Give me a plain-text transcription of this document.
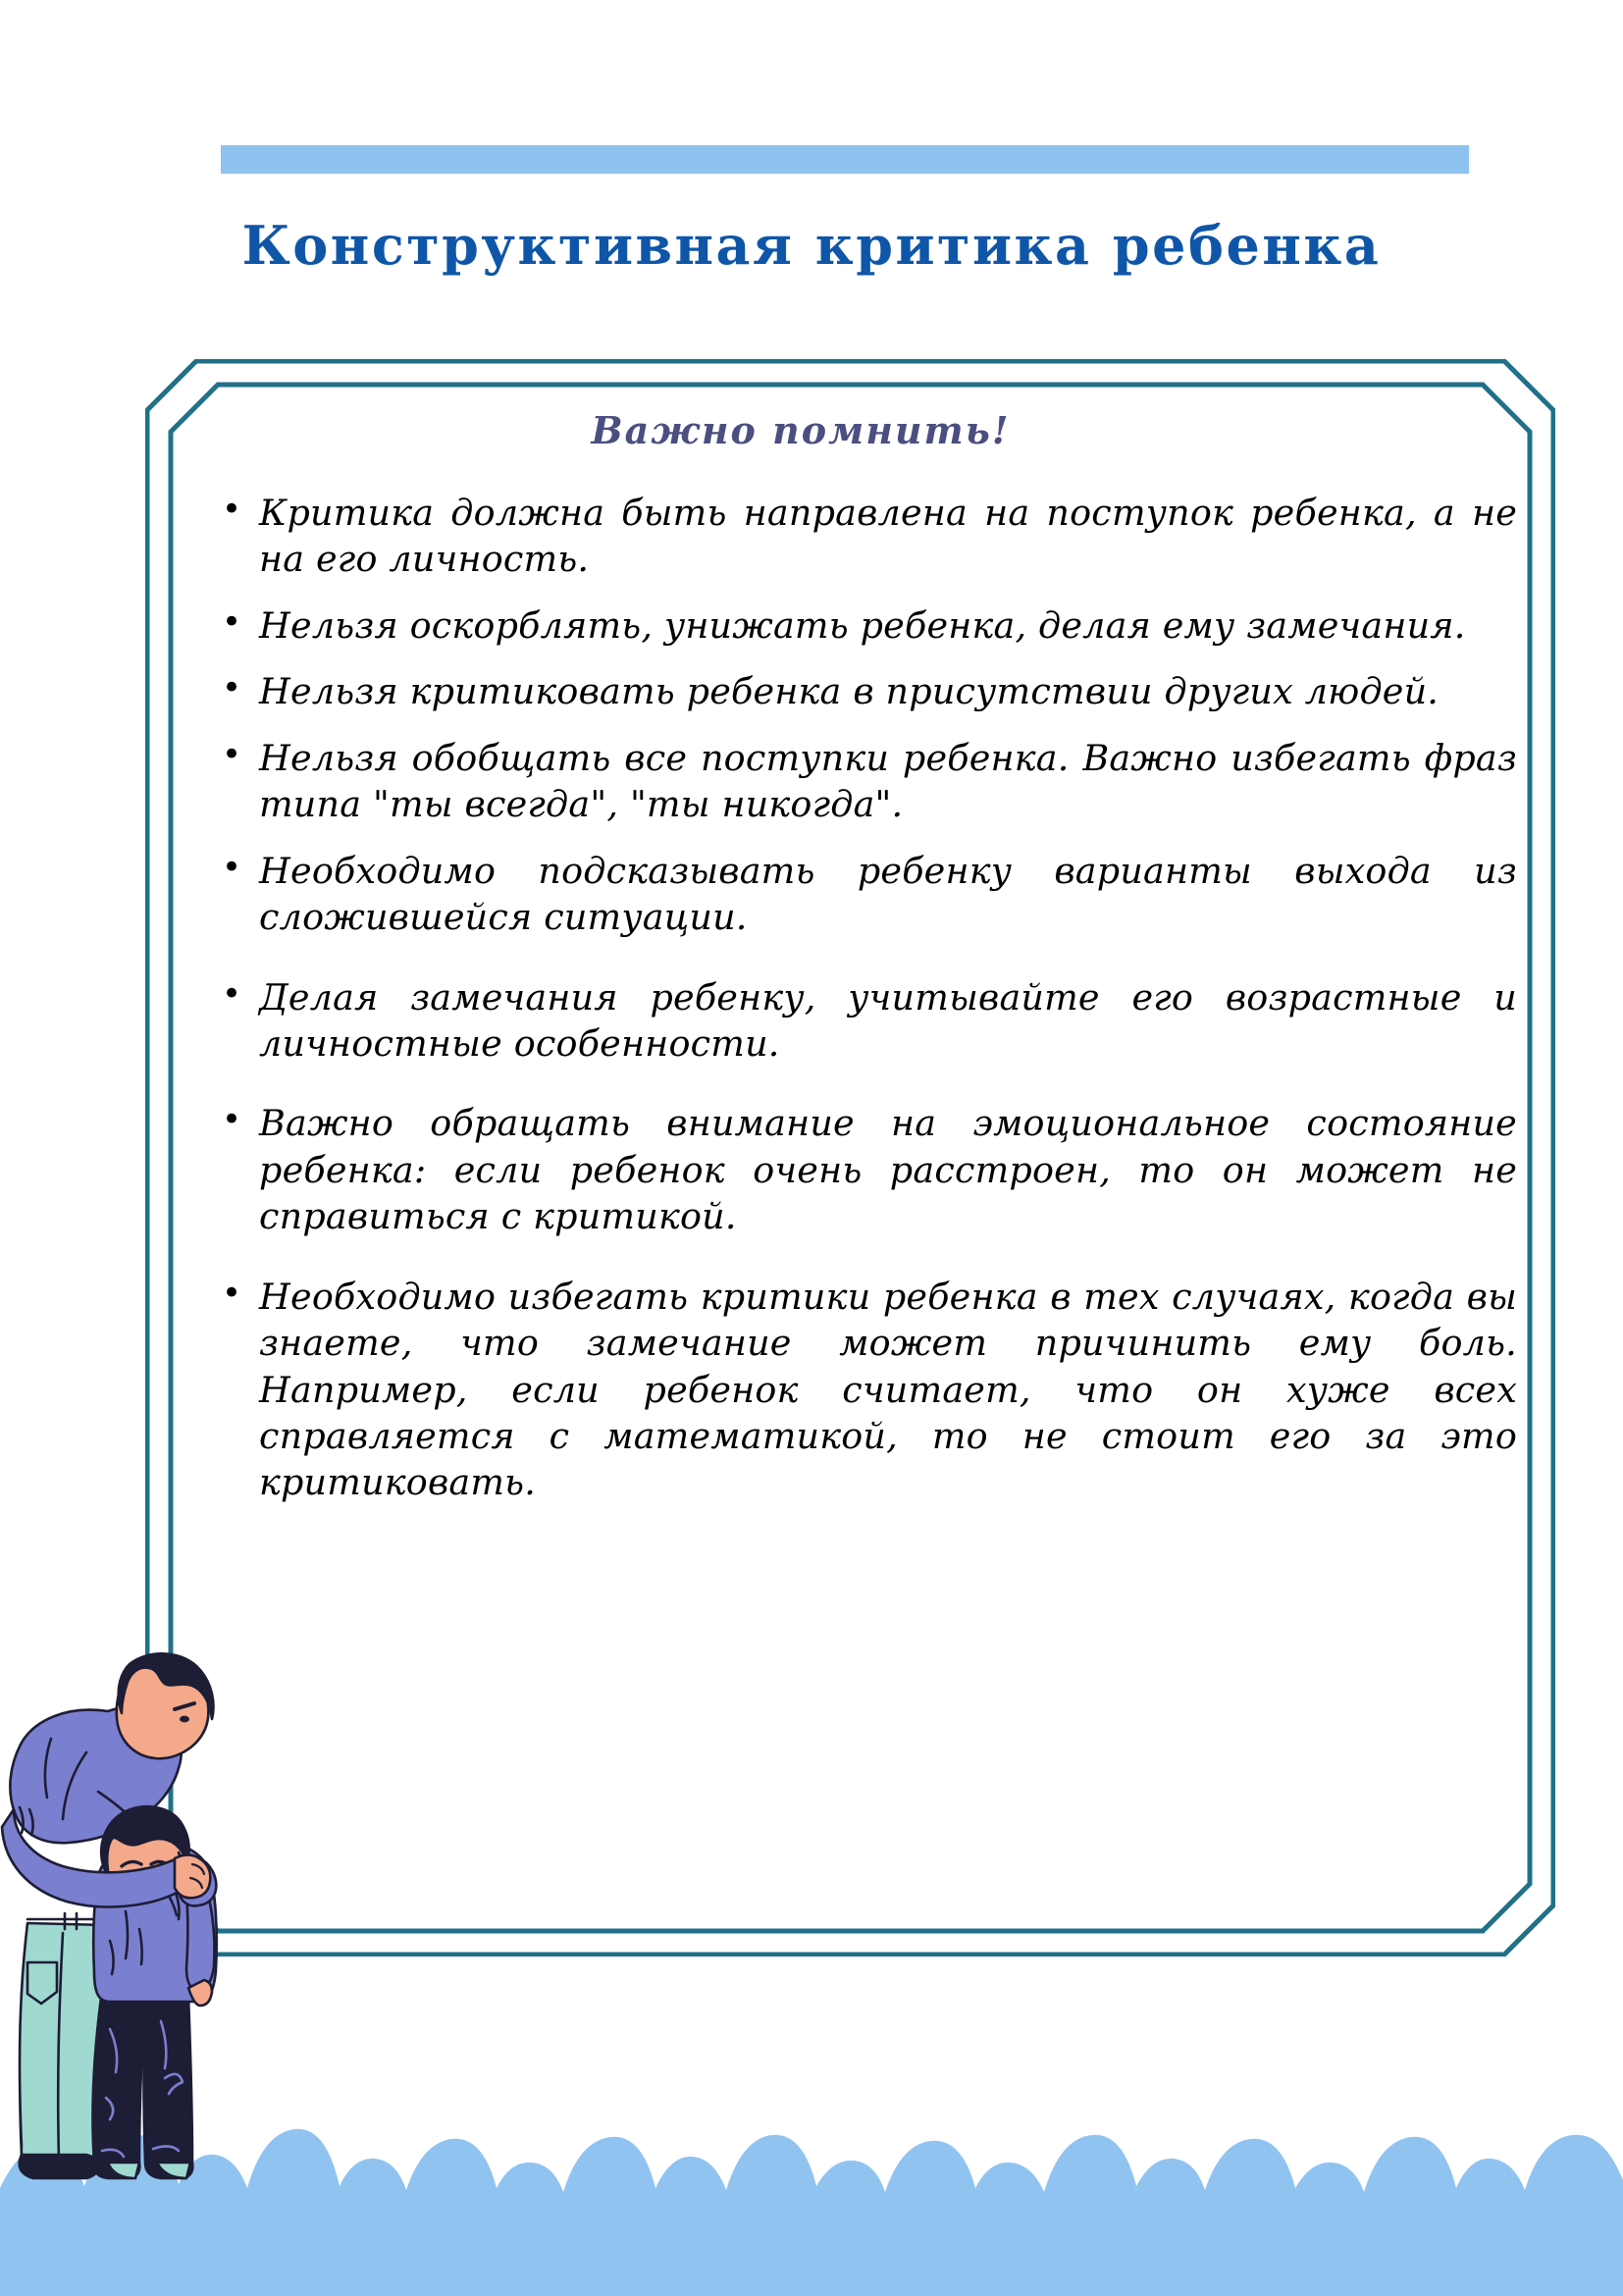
Конструктивная критика ребенка
Важно помнить!
• Критика должна быть направлена на поступок ребенка, а не на его личность.
• Нельзя оскорблять, унижать ребенка, делая ему замечания.
• Нельзя критиковать ребенка в присутствии других людей.
• Нельзя обобщать все поступки ребенка. Важно избегать фраз типа "ты всегда", "ты никогда".
• Необходимо подсказывать ребенку варианты выхода из сложившейся ситуации.
• Делая замечания ребенку, учитывайте его возрастные и личностные особенности.
• Важно обращать внимание на эмоциональное состояние ребенка: если ребенок очень расстроен, то он может не справиться с критикой.
• Необходимо избегать критики ребенка в тех случаях, когда вы знаете, что замечание может причинить ему боль. Например, если ребенок считает, что он хуже всех справляется с математикой, то не стоит его за это критиковать.
